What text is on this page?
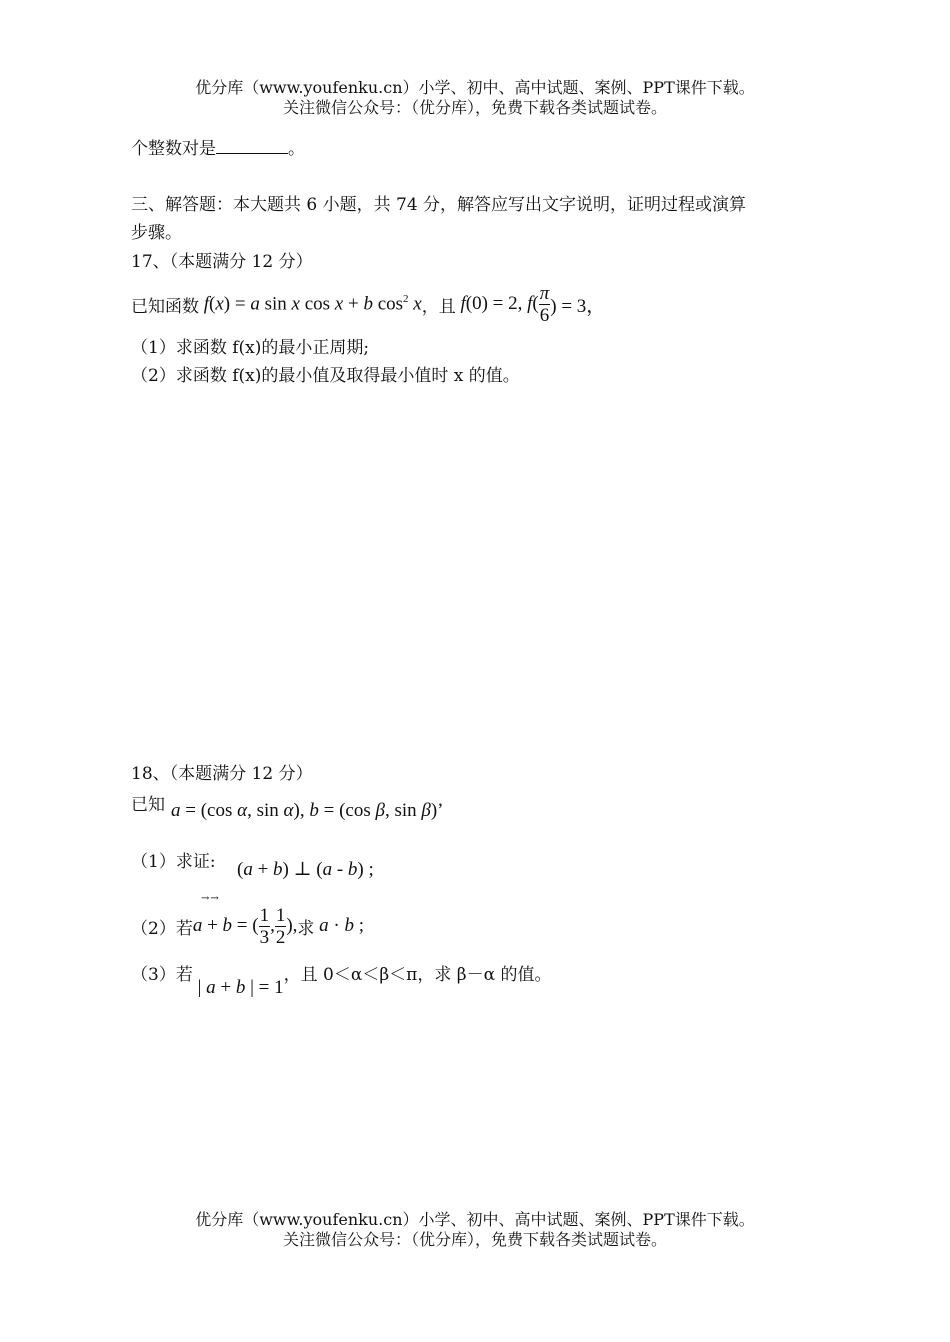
优分库（www.youfenku.cn）小学、初中、高中试题、案例、PPT课件下载。
关注微信公众号：（优分库），免费下载各类试题试卷。
个整数对是	。
三、解答题：本大题共 6 小题，共 74 分，解答应写出文字说明，证明过程或演算
步骤。
17、（本题满分 12 分）
已知函数 f(x) = a sin x cos x + b $\cos^2 x$ ，且 f(0) = 2, $f( \frac{\pi}{6}$ ) = 3，
（1）求函数 f(x)的最小正周期;
（2）求函数 f(x)的最小值及取得最小值时 x 的值。
18、（本题满分 12 分）
已知 a = (cos α, sin α), b = (cos β, sin β)’
（1）求证: (a + b) ⊥ (a - b) ;
→→
（2）若 a + b = ( $\frac{1}{3}$ , $\frac{1}{2}$ ), 求 a · b ;
（3）若
| a + b | = 1
，且 0＜α＜β＜π，求 β－α 的值。
优分库（www.youfenku.cn）小学、初中、高中试题、案例、PPT课件下载。
关注微信公众号：（优分库），免费下载各类试题试卷。
